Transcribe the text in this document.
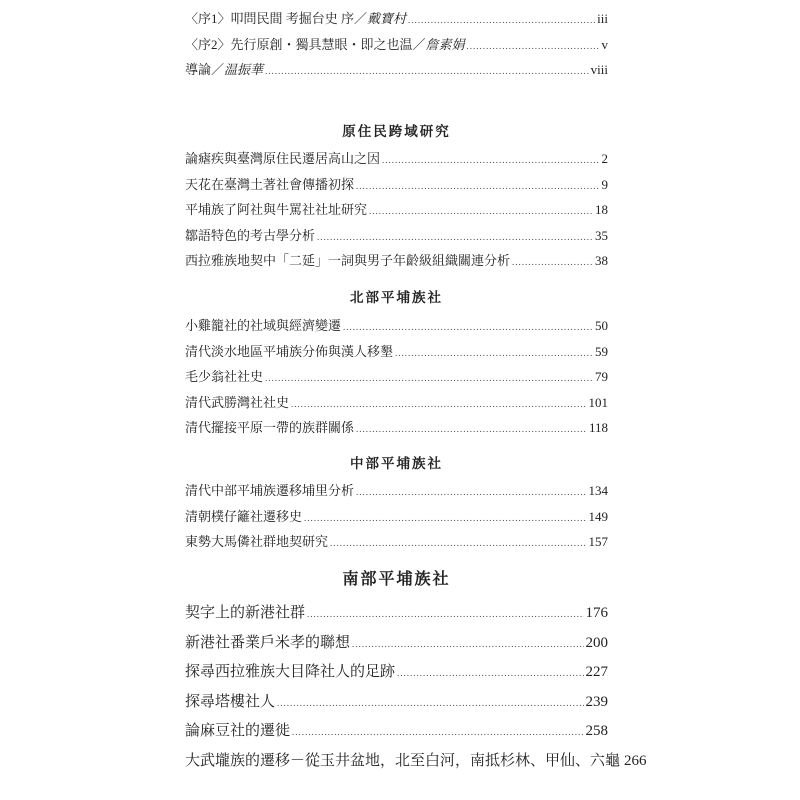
〈序1〉叩問民間 考掘台史 序／戴寶村 .....	iii
〈序2〉先行原創・獨具慧眼・即之也温／詹素娟 .....	v
導論／温振華 .....	viii
原住民跨域研究
論瘧疾與臺灣原住民遷居高山之因 .....	2
天花在臺灣土著社會傳播初探 .....	9
平埔族了阿社與牛罵社社址研究 .....	18
鄒語特色的考古學分析 .....	35
西拉雅族地契中「二延」一詞與男子年齡級組織關連分析 .....	38
北部平埔族社
小雞籠社的社域與經濟變遷 .....	50
清代淡水地區平埔族分佈與漢人移墾 .....	59
毛少翁社社史 .....	79
清代武勝灣社社史 .....	101
清代擺接平原一帶的族群關係 .....	118
中部平埔族社
南部平埔族社
清代中部平埔族遷移埔里分析 .....	134
清朝樸仔籬社遷移史 .....	149
東勢大馬僯社群地契研究 .....	157
契字上的新港社群 .....	176
新港社番業戶米孝的聯想 .....	200
探尋西拉雅族大目降社人的足跡 .....	227
探尋塔樓社人 .....	239
論麻豆社的遷徙 .....	258
大武壠族的遷移－從玉井盆地，北至白河，南抵杉林、甲仙、六龜 266
